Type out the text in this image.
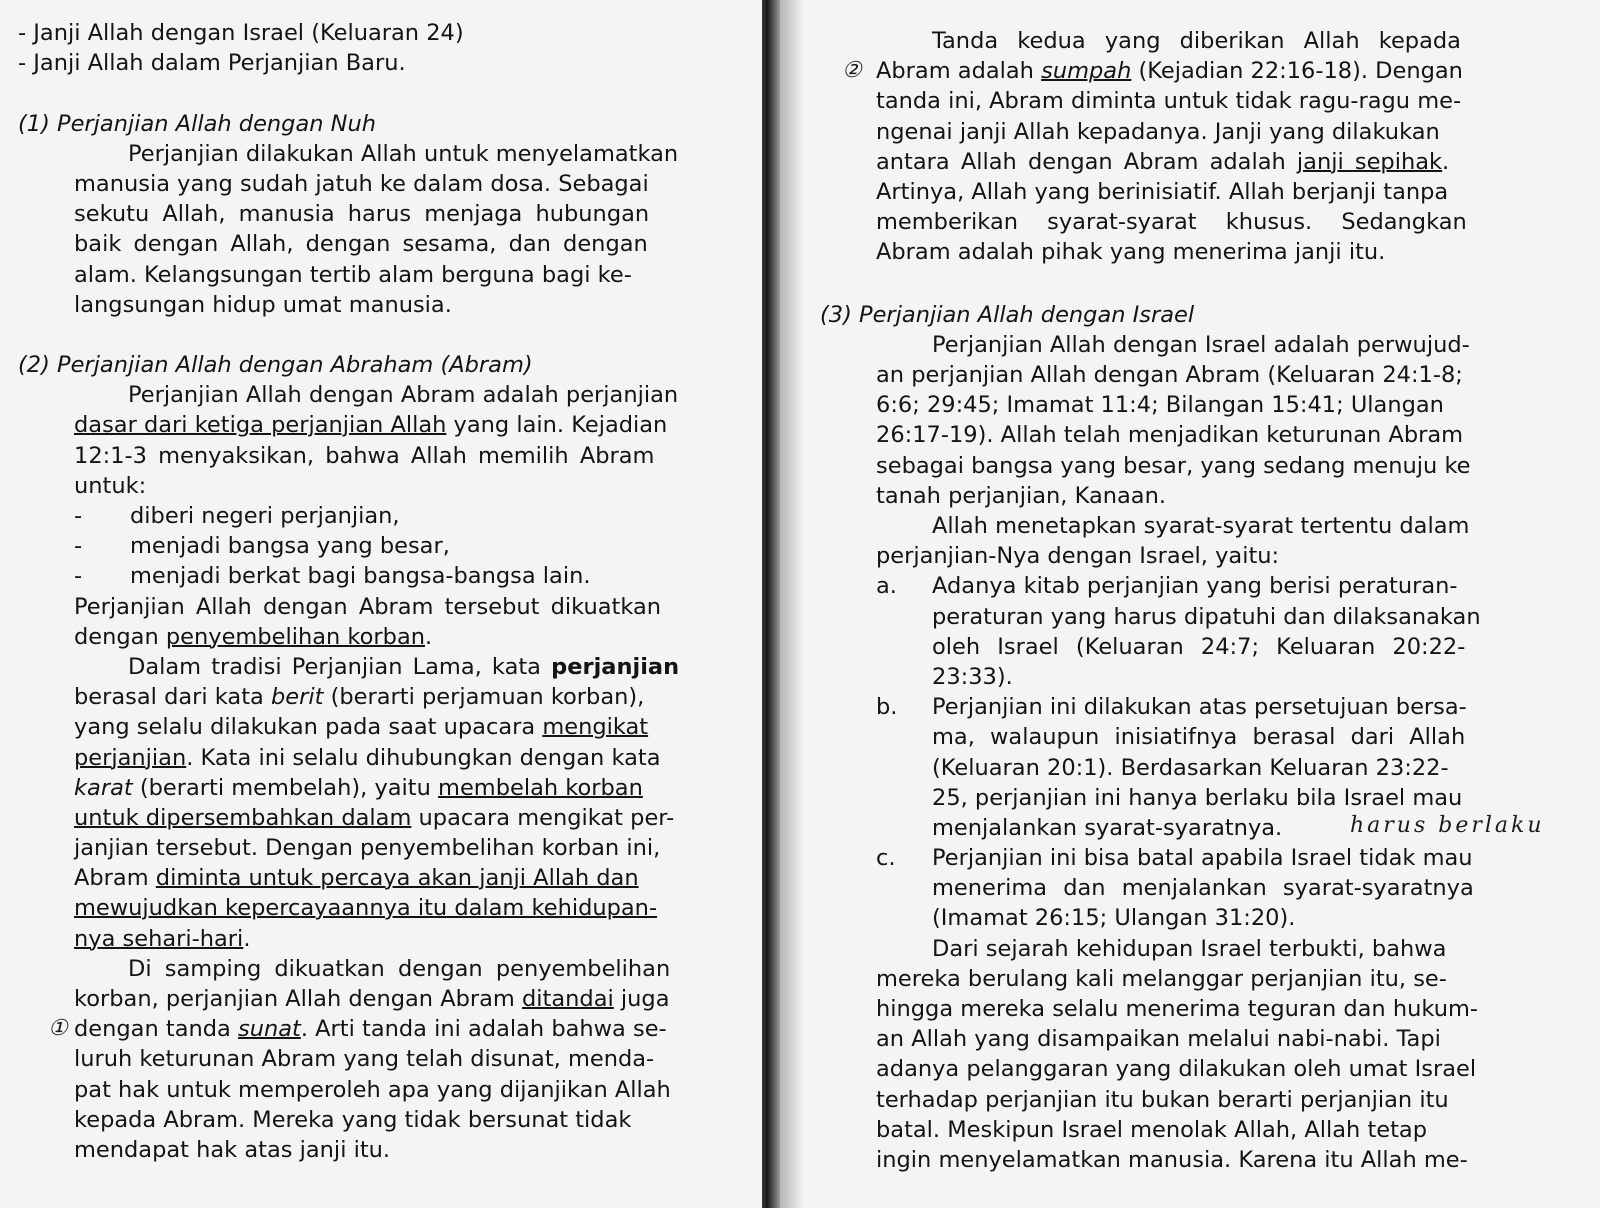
- Janji Allah dengan Israel (Keluaran 24)
- Janji Allah dalam Perjanjian Baru.
(1) Perjanjian Allah dengan Nuh
Perjanjian dilakukan Allah untuk menyelamatkan
manusia yang sudah jatuh ke dalam dosa. Sebagai
sekutu Allah, manusia harus menjaga hubungan
baik dengan Allah, dengan sesama, dan dengan
alam. Kelangsungan tertib alam berguna bagi ke-
langsungan hidup umat manusia.
(2) Perjanjian Allah dengan Abraham (Abram)
Perjanjian Allah dengan Abram adalah perjanjian
dasar dari ketiga perjanjian Allah yang lain. Kejadian
12:1-3 menyaksikan, bahwa Allah memilih Abram
untuk:
-	diberi negeri perjanjian,
-	menjadi bangsa yang besar,
-	menjadi berkat bagi bangsa-bangsa lain.
Perjanjian Allah dengan Abram tersebut dikuatkan
dengan penyembelihan korban.
Dalam tradisi Perjanjian Lama, kata perjanjian
berasal dari kata berit (berarti perjamuan korban),
yang selalu dilakukan pada saat upacara mengikat
perjanjian. Kata ini selalu dihubungkan dengan kata
karat (berarti membelah), yaitu membelah korban
untuk dipersembahkan dalam upacara mengikat per-
janjian tersebut. Dengan penyembelihan korban ini,
Abram diminta untuk percaya akan janji Allah dan
mewujudkan kepercayaannya itu dalam kehidupan-
nya sehari-hari.
Di samping dikuatkan dengan penyembelihan
korban, perjanjian Allah dengan Abram ditandai juga
① dengan tanda sunat. Arti tanda ini adalah bahwa se-
luruh keturunan Abram yang telah disunat, menda-
pat hak untuk memperoleh apa yang dijanjikan Allah
kepada Abram. Mereka yang tidak bersunat tidak
mendapat hak atas janji itu.
Tanda kedua yang diberikan Allah kepada
② Abram adalah sumpah (Kejadian 22:16-18). Dengan
tanda ini, Abram diminta untuk tidak ragu-ragu me-
ngenai janji Allah kepadanya. Janji yang dilakukan
antara Allah dengan Abram adalah janji sepihak.
Artinya, Allah yang berinisiatif. Allah berjanji tanpa
memberikan syarat-syarat khusus. Sedangkan
Abram adalah pihak yang menerima janji itu.
(3) Perjanjian Allah dengan Israel
Perjanjian Allah dengan Israel adalah perwujud-
an perjanjian Allah dengan Abram (Keluaran 24:1-8;
6:6; 29:45; Imamat 11:4; Bilangan 15:41; Ulangan
26:17-19). Allah telah menjadikan keturunan Abram
sebagai bangsa yang besar, yang sedang menuju ke
tanah perjanjian, Kanaan.
Allah menetapkan syarat-syarat tertentu dalam
perjanjian-Nya dengan Israel, yaitu:
a.	Adanya kitab perjanjian yang berisi peraturan-
peraturan yang harus dipatuhi dan dilaksanakan
oleh Israel (Keluaran 24:7; Keluaran 20:22-
23:33).
b.	Perjanjian ini dilakukan atas persetujuan bersa-
ma, walaupun inisiatifnya berasal dari Allah
(Keluaran 20:1). Berdasarkan Keluaran 23:22-
25, perjanjian ini hanya berlaku bila Israel mau
menjalankan syarat-syaratnya.	harus berlaku
c.	Perjanjian ini bisa batal apabila Israel tidak mau
menerima dan menjalankan syarat-syaratnya
(Imamat 26:15; Ulangan 31:20).
Dari sejarah kehidupan Israel terbukti, bahwa
mereka berulang kali melanggar perjanjian itu, se-
hingga mereka selalu menerima teguran dan hukum-
an Allah yang disampaikan melalui nabi-nabi. Tapi
adanya pelanggaran yang dilakukan oleh umat Israel
terhadap perjanjian itu bukan berarti perjanjian itu
batal. Meskipun Israel menolak Allah, Allah tetap
ingin menyelamatkan manusia. Karena itu Allah me-
